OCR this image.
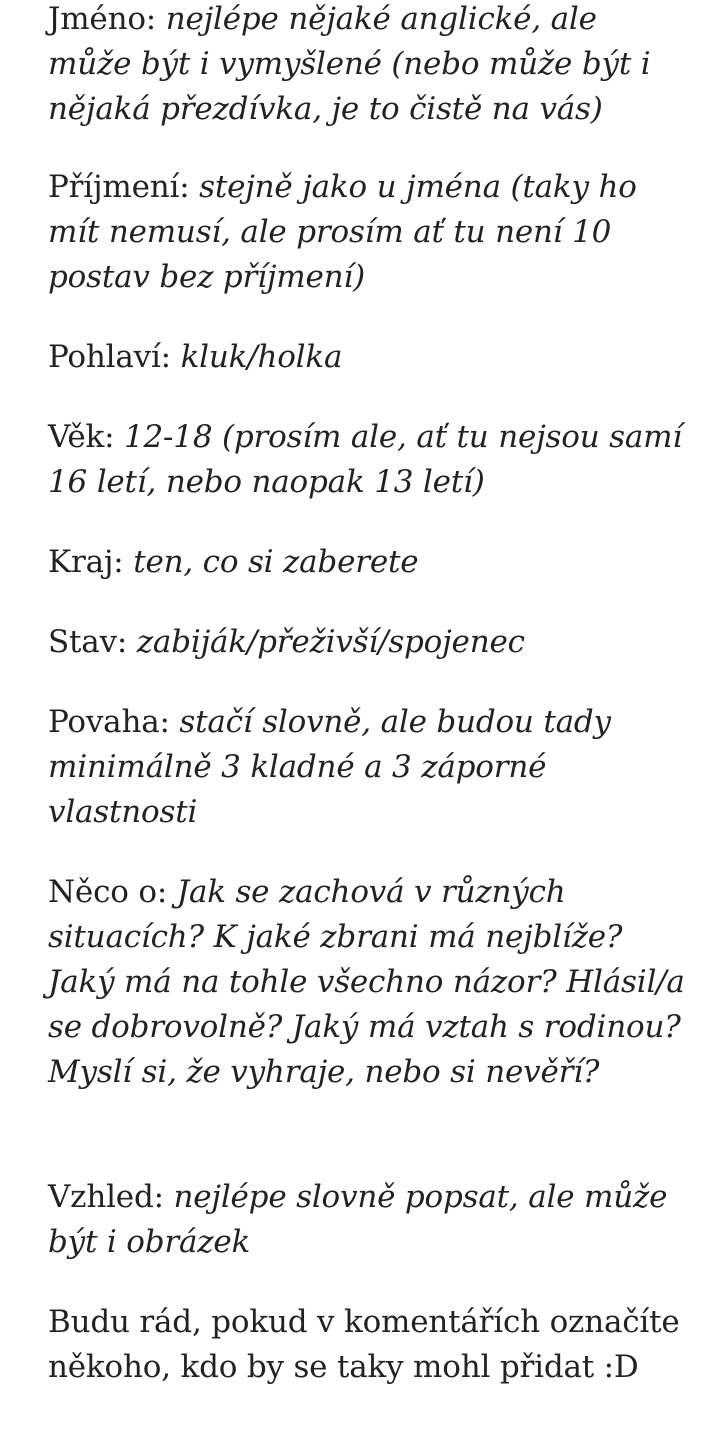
Jméno: nejlépe nějaké anglické, ale může být i vymyšlené (nebo může být i nějaká přezdívka, je to čistě na vás)

Příjmení: stejně jako u jména (taky ho mít nemusí, ale prosím ať tu není 10 postav bez příjmení)

Pohlaví: kluk/holka

Věk: 12-18 (prosím ale, ať tu nejsou samí 16 letí, nebo naopak 13 letí)

Kraj: ten, co si zaberete

Stav: zabiják/přeživší/spojenec

Povaha: stačí slovně, ale budou tady minimálně 3 kladné a 3 záporné vlastnosti

Něco o: Jak se zachová v různých situacích? K jaké zbrani má nejblíže? Jaký má na tohle všechno názor? Hlásil/a se dobrovolně? Jaký má vztah s rodinou? Myslí si, že vyhraje, nebo si nevěří?

Vzhled: nejlépe slovně popsat, ale může být i obrázek

Budu rád, pokud v komentářích označíte někoho, kdo by se taky mohl přidat :D
